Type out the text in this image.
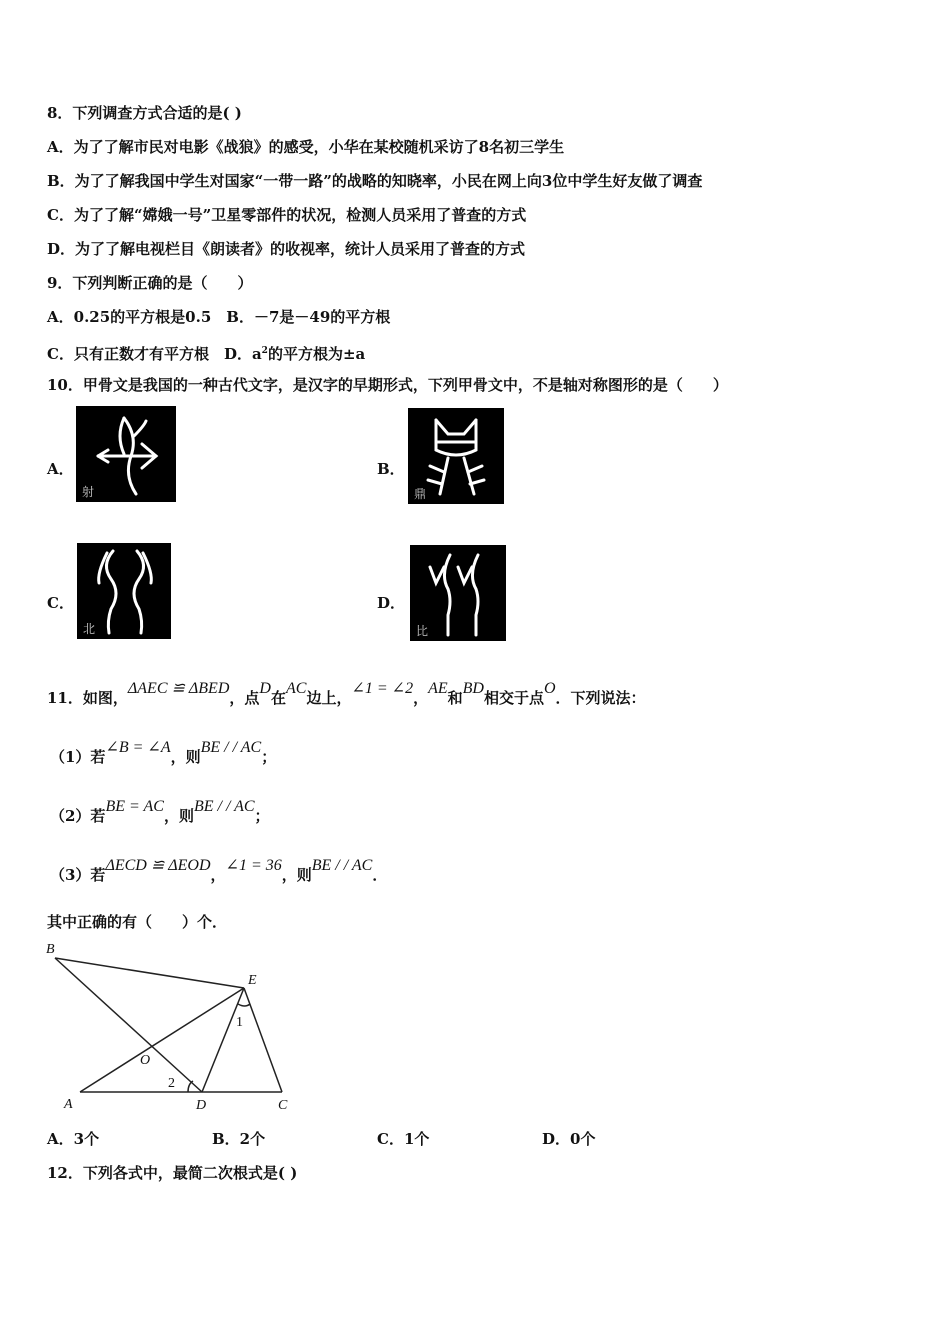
8．下列调查方式合适的是( )
A．为了了解市民对电影《战狼》的感受，小华在某校随机采访了8名初三学生
B．为了了解我国中学生对国家“一带一路”的战略的知晓率，小民在网上向3位中学生好友做了调查
C．为了了解“嫦娥一号”卫星零部件的状况，检测人员采用了普查的方式
D．为了了解电视栏目《朗读者》的收视率，统计人员采用了普查的方式
9．下列判断正确的是（　　）
A．0.25的平方根是0.5　B．－7是－49的平方根
C．只有正数才有平方根　D．$a^2$的平方根为±a
10．甲骨文是我国的一种古代文字，是汉字的早期形式，下列甲骨文中，不是轴对称图形的是（　　）
A．
射
B．
鼎
C．
北
D．
比
11．如图，ΔAEC ≌ ΔBED，点D在AC边上，∠1 = ∠2，AE和BD相交于点O．下列说法：
（1）若∠B = ∠A，则BE / / AC；
（2）若BE = AC，则BE / / AC；
（3）若ΔECD ≌ ΔEOD，∠1 = 36，则BE / / AC．
其中正确的有（　　）个．
B
E
O
A	D	C
1
2
A．3个	B．2个	C．1个	D．0个
12．下列各式中，最简二次根式是( )
